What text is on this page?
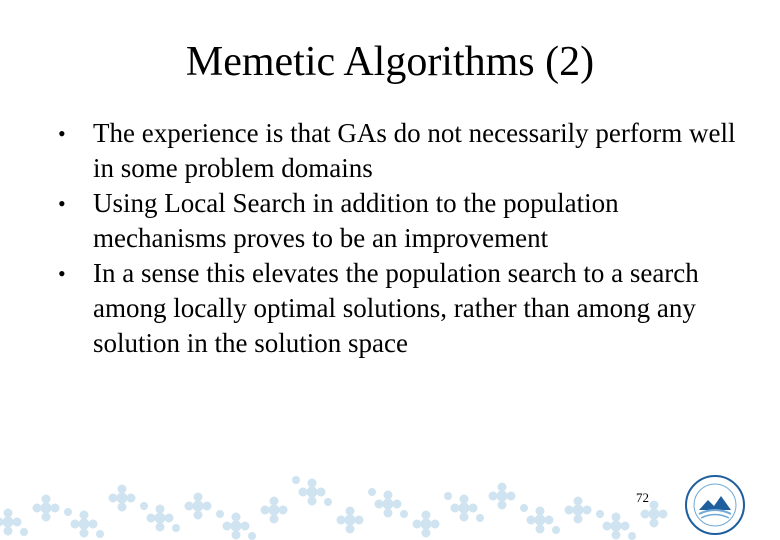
Memetic Algorithms (2)
•	The experience is that GAs do not necessarily perform well in some problem domains
•	Using Local Search in addition to the population mechanisms proves to be an improvement
•	In a sense this elevates the population search to a search among locally optimal solutions, rather than among any solution in the solution space
72
